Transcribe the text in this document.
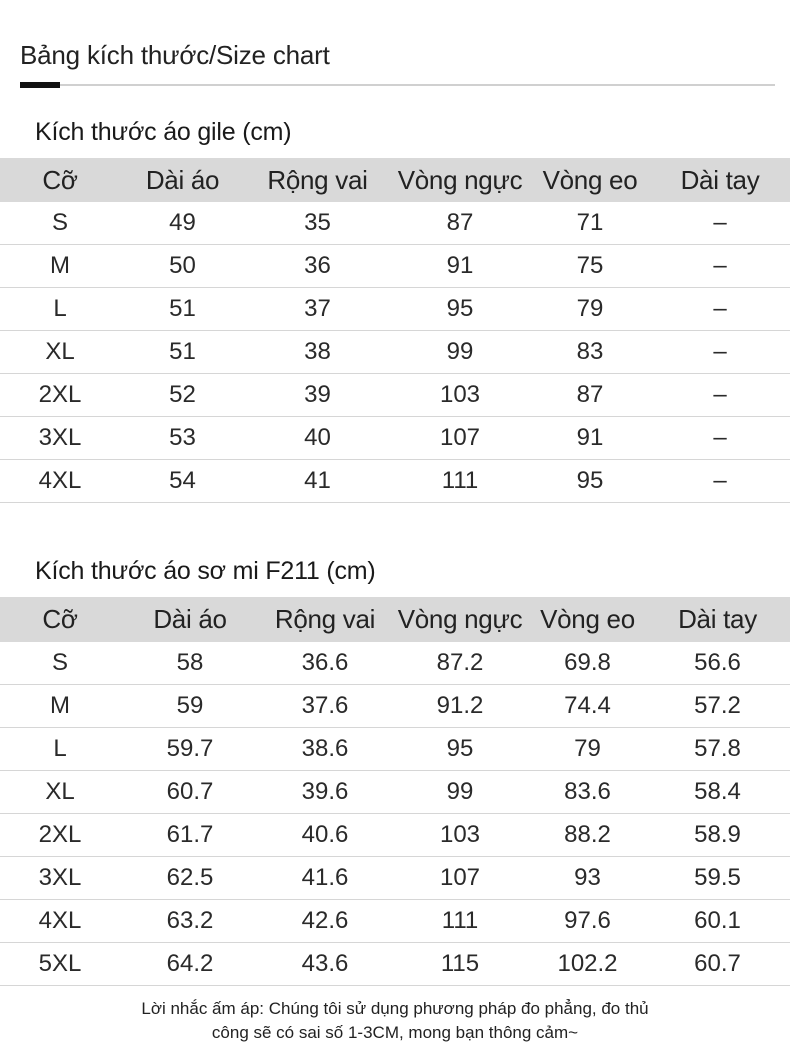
Bảng kích thước/Size chart
Kích thước áo gile (cm)
Cỡ	Dài áo	Rộng vai	Vòng ngực	Vòng eo	Dài tay
S	49	35	87	71	–
M	50	36	91	75	–
L	51	37	95	79	–
XL	51	38	99	83	–
2XL	52	39	103	87	–
3XL	53	40	107	91	–
4XL	54	41	111	95	–
Kích thước áo sơ mi F211 (cm)
Cỡ	Dài áo	Rộng vai	Vòng ngực	Vòng eo	Dài tay
S	58	36.6	87.2	69.8	56.6
M	59	37.6	91.2	74.4	57.2
L	59.7	38.6	95	79	57.8
XL	60.7	39.6	99	83.6	58.4
2XL	61.7	40.6	103	88.2	58.9
3XL	62.5	41.6	107	93	59.5
4XL	63.2	42.6	111	97.6	60.1
5XL	64.2	43.6	115	102.2	60.7
Lời nhắc ấm áp: Chúng tôi sử dụng phương pháp đo phẳng, đo thủ
công sẽ có sai số 1-3CM, mong bạn thông cảm~
